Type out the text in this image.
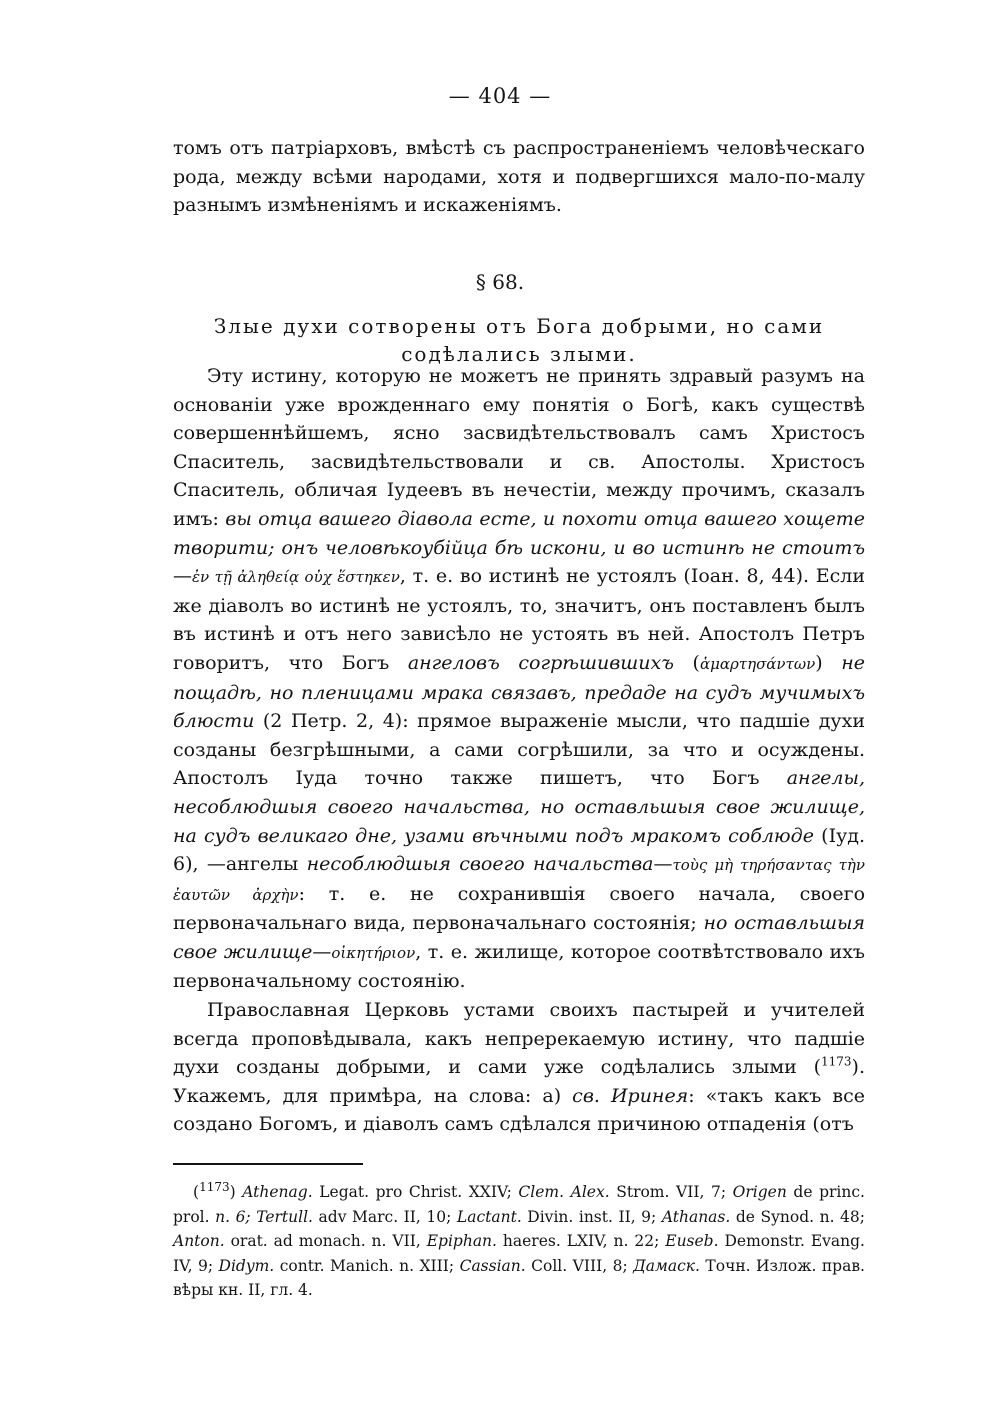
— 404 —

томъ отъ патріарховъ, вмѣстѣ съ распространеніемъ человѣческаго рода, между всѣми народами, хотя и подвергшихся мало-по-малу разнымъ измѣненіямъ и искаженіямъ.

§ 68.
Злые духи сотворены отъ Бога добрыми, но сами содѣлались злыми.

Эту истину, которую не можетъ не принять здравый разумъ на основаніи уже врожденнаго ему понятія о Богѣ, какъ существѣ совершеннѣйшемъ, ясно засвидѣтельствовалъ самъ Христосъ Спаситель, засвидѣтельствовали и св. Апостолы. Христосъ Спаситель, обличая Іудеевъ въ нечестіи, между прочимъ, сказалъ имъ: вы отца вашего діавола есте, и похоти отца вашего хощете творити; онъ человѣкоубійца бѣ искони, и во истинѣ не стоитъ—ἐν τῇ ἀληθείᾳ οὐχ ἕστηκεν, т. е. во истинѣ не устоялъ (Іоан. 8, 44). Если же діаволъ во истинѣ не устоялъ, то, значитъ, онъ поставленъ былъ въ истинѣ и отъ него зависѣло не устоять въ ней. Апостолъ Петръ говоритъ, что Богъ ангеловъ согрѣшившихъ (ἁμαρτησάντων) не пощадѣ, но пленицами мрака связавъ, предаде на судъ мучимыхъ блюсти (2 Петр. 2, 4): прямое выраженіе мысли, что падшіе духи созданы безгрѣшными, а сами согрѣшили, за что и осуждены. Апостолъ Іуда точно также пишетъ, что Богъ ангелы, несоблюдшыя своего начальства, но оставльшыя свое жилище, на судъ великаго дне, узами вѣчными подъ мракомъ соблюде (Іуд. 6), —ангелы несоблюдшыя своего начальства—τοὺς μὴ τηρήσαντας τὴν ἑαυτῶν ἀρχὴν: т. е. не сохранившія своего начала, своего первоначальнаго вида, первоначальнаго состоянія; но оставльшыя свое жилище—οἰκητήριον, т. е. жилище, которое соотвѣтствовало ихъ первоначальному состоянію.

Православная Церковь устами своихъ пастырей и учителей всегда проповѣдывала, какъ непререкаемую истину, что падшіе духи созданы добрыми, и сами уже содѣлались злыми ($^{1173}$). Укажемъ, для примѣра, на слова: а) св. Иринея: «такъ какъ все создано Богомъ, и діаволъ самъ сдѣлался причиною отпаденія (отъ

($^{1173}$) Athenag. Legat. pro Christ. XXIV; Clem. Alex. Strom. VII, 7; Origen de princ. prol. n. 6; Tertull. adv Marc. II, 10; Lactant. Divin. inst. II, 9; Athanas. de Synod. n. 48; Anton. orat. ad monach. n. VII, Epiphan. haeres. LXIV, n. 22; Euseb. Demonstr. Evang. IV, 9; Didym. contr. Manich. n. XIII; Cassian. Coll. VIII, 8; Дамаск. Точн. Излож. прав. вѣры кн. II, гл. 4.
